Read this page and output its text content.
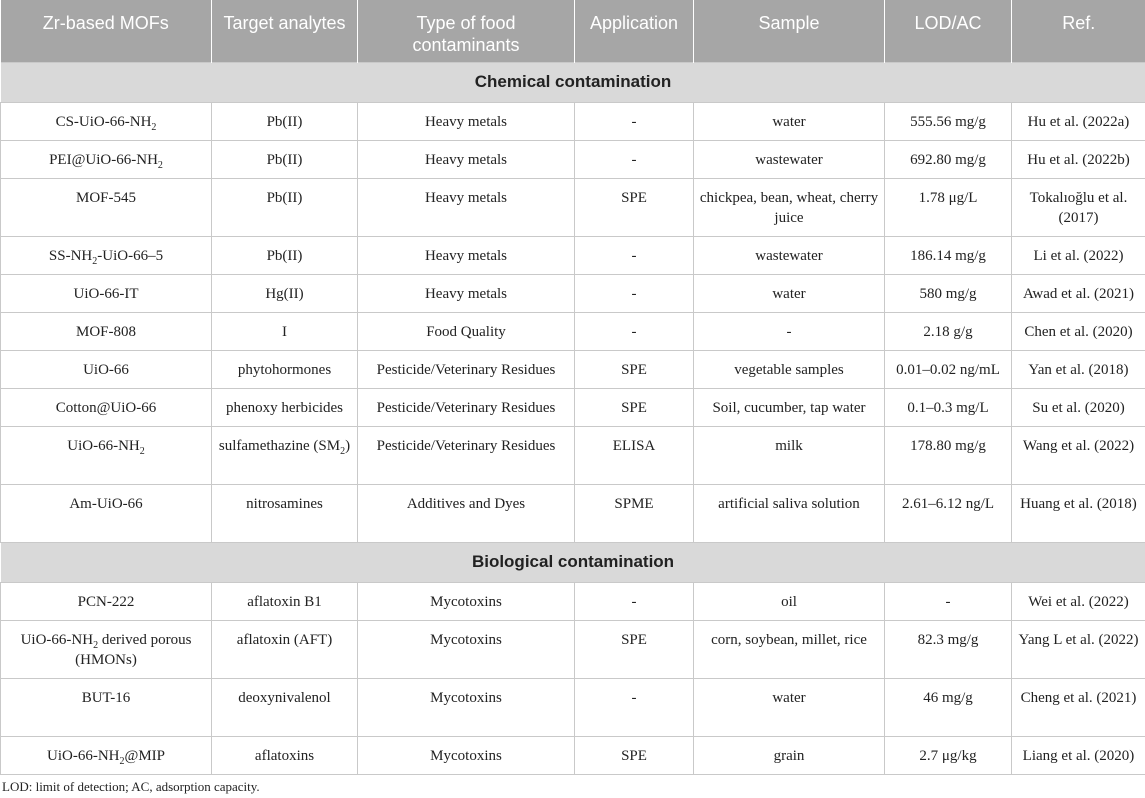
Zr-based MOFs	Target analytes	Type of food contaminants	Application	Sample	LOD/AC	Ref.
Chemical contamination						
$CS-UiO-66-NH_2$	Pb(II)	Heavy metals	-	water	555.56 mg/g	Hu et al. (2022a)
$PEI@UiO-66-NH_2$	Pb(II)	Heavy metals	-	wastewater	692.80 mg/g	Hu et al. (2022b)
MOF-545	Pb(II)	Heavy metals	SPE	chickpea, bean, wheat, cherry juice	1.78 μg/L	Tokalıoğlu et al. (2017)
$SS-NH_2-UiO-66-5$	Pb(II)	Heavy metals	-	wastewater	186.14 mg/g	Li et al. (2022)
UiO-66-IT	Hg(II)	Heavy metals	-	water	580 mg/g	Awad et al. (2021)
MOF-808	I	Food Quality	-	-	2.18 g/g	Chen et al. (2020)
UiO-66	phytohormones	Pesticide/Veterinary Residues	SPE	vegetable samples	0.01–0.02 ng/mL	Yan et al. (2018)
Cotton@UiO-66	phenoxy herbicides	Pesticide/Veterinary Residues	SPE	Soil, cucumber, tap water	0.1–0.3 mg/L	Su et al. (2020)
UiO-$66-NH_2$	sulfamethazine $(SM_2)$	Pesticide/Veterinary Residues	ELISA	milk	178.80 mg/g	Wang et al. (2022)
Am-UiO-66	nitrosamines	Additives and Dyes	SPME	artificial saliva solution	2.61–6.12 ng/L	Huang et al. (2018)
Biological contamination						
PCN-222	aflatoxin B1	Mycotoxins	-	oil	-	Wei et al. (2022)
UiO-$66-NH_2$ derived porous (HMONs)	aflatoxin (AFT)	Mycotoxins	SPE	corn, soybean, millet, rice	82.3 mg/g	Yang L et al. (2022)
BUT-16	deoxynivalenol	Mycotoxins	-	water	46 mg/g	Cheng et al. (2021)
UiO-$66-NH_2@MIP$	aflatoxins	Mycotoxins	SPE	grain	2.7 μg/kg	Liang et al. (2020)
LOD: limit of detection; AC, adsorption capacity.
